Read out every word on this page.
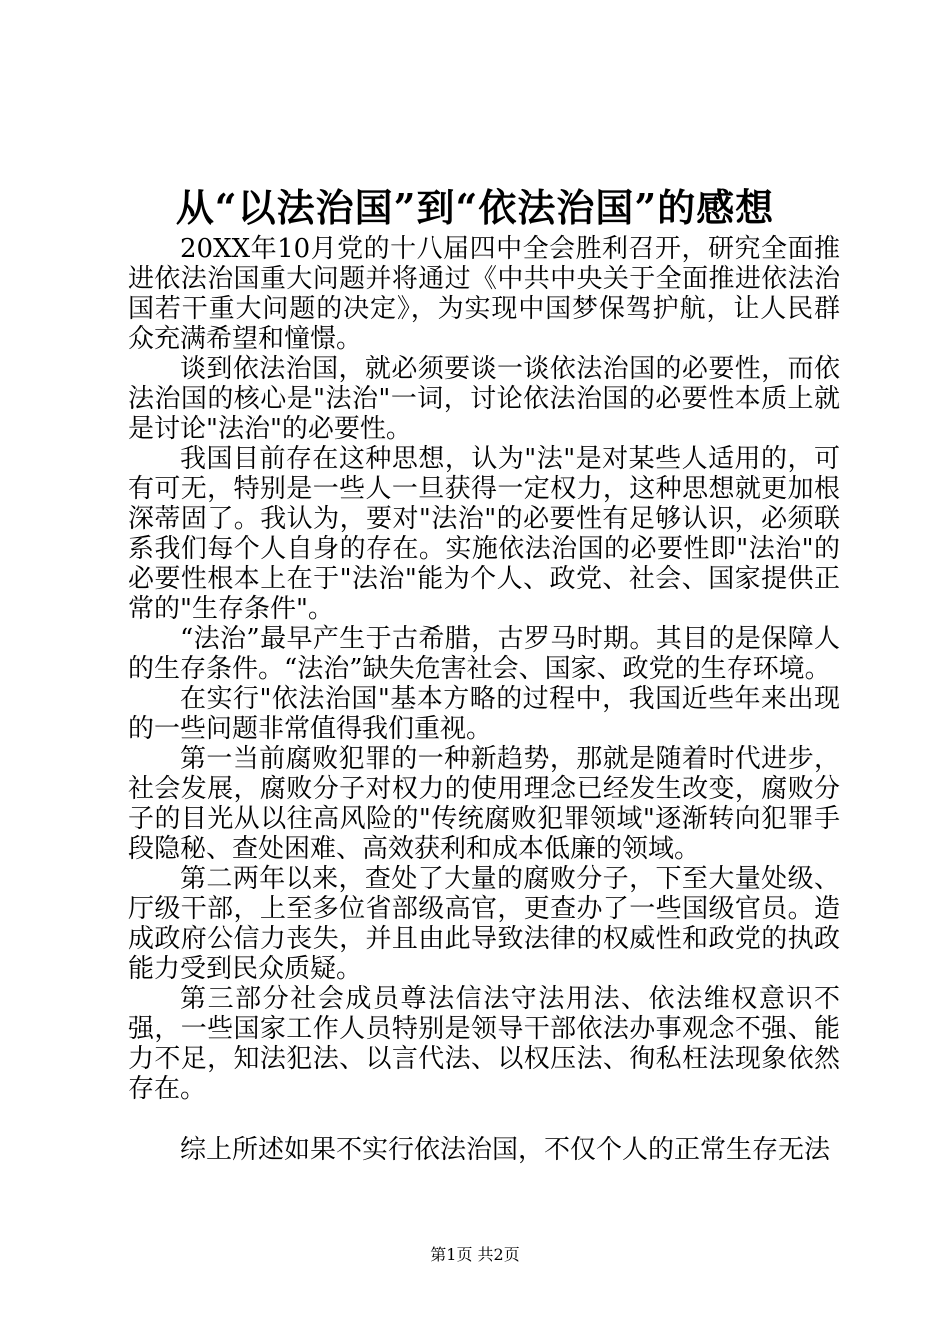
从“以法治国”到“依法治国”的感想

20XX年10月党的十八届四中全会胜利召开，研究全面推进依法治国重大问题并将通过《中共中央关于全面推进依法治国若干重大问题的决定》，为实现中国梦保驾护航，让人民群众充满希望和憧憬。

谈到依法治国，就必须要谈一谈依法治国的必要性，而依法治国的核心是"法治"一词，讨论依法治国的必要性本质上就是讨论"法治"的必要性。

我国目前存在这种思想，认为"法"是对某些人适用的，可有可无，特别是一些人一旦获得一定权力，这种思想就更加根深蒂固了。我认为，要对"法治"的必要性有足够认识，必须联系我们每个人自身的存在。实施依法治国的必要性即"法治"的必要性根本上在于"法治"能为个人、政党、社会、国家提供正常的"生存条件"。

“法治”最早产生于古希腊，古罗马时期。其目的是保障人的生存条件。“法治”缺失危害社会、国家、政党的生存环境。

在实行"依法治国"基本方略的过程中，我国近些年来出现的一些问题非常值得我们重视。

第一当前腐败犯罪的一种新趋势，那就是随着时代进步，社会发展，腐败分子对权力的使用理念已经发生改变，腐败分子的目光从以往高风险的"传统腐败犯罪领域"逐渐转向犯罪手段隐秘、查处困难、高效获利和成本低廉的领域。

第二两年以来，查处了大量的腐败分子，下至大量处级、厅级干部，上至多位省部级高官，更查办了一些国级官员。造成政府公信力丧失，并且由此导致法律的权威性和政党的执政能力受到民众质疑。

第三部分社会成员尊法信法守法用法、依法维权意识不强，一些国家工作人员特别是领导干部依法办事观念不强、能力不足，知法犯法、以言代法、以权压法、徇私枉法现象依然存在。

综上所述如果不实行依法治国，不仅个人的正常生存无法

第1页 共2页
